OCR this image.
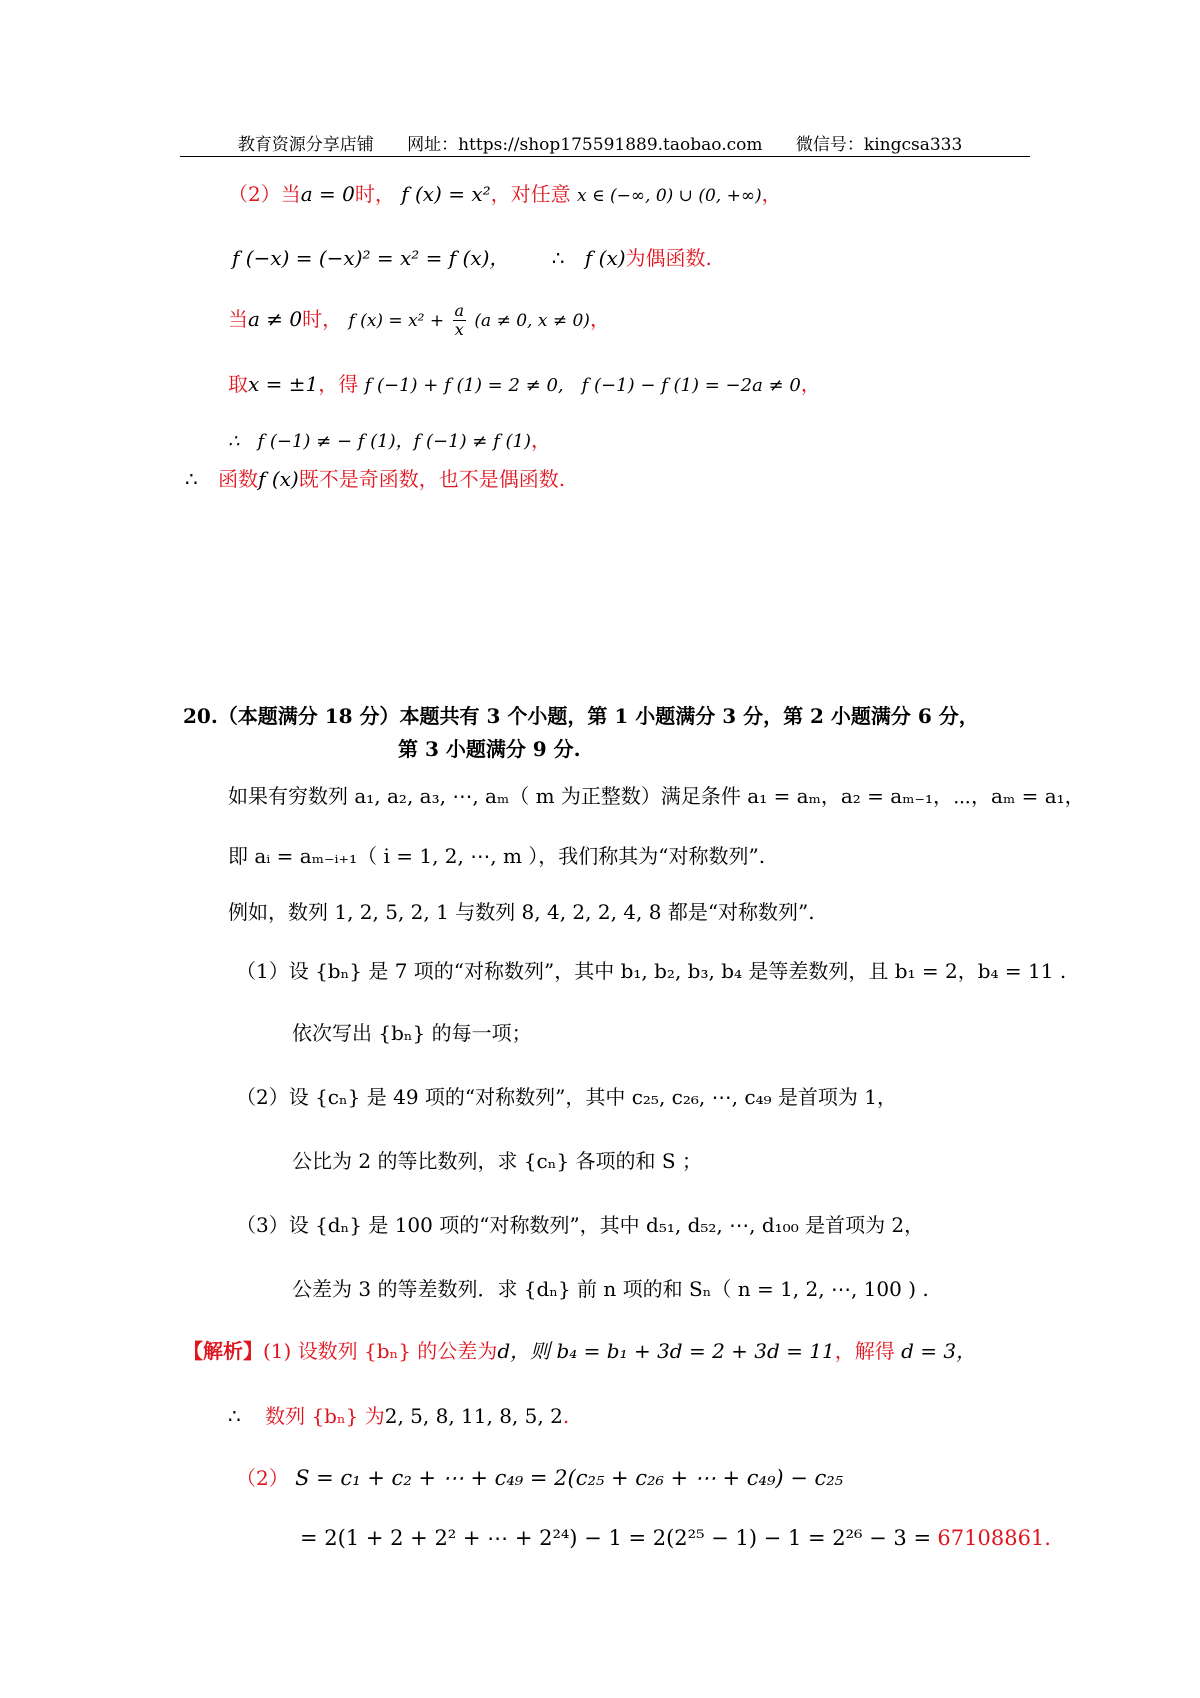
教育资源分享店铺 网址：https://shop175591889.taobao.com 微信号：kingcsa333
（2）当a = 0时， f (x) = x²，对任意 x ∈ (−∞, 0) ∪ (0, +∞)，
f (−x) = (−x)² = x² = f (x)， ∴ f (x)为偶函数.
当a ≠ 0时， f $(x) = x^2 + \frac{a}{x} (a \ne 0$, x ≠ 0)，
取x = ±1，得 f (−1) + f (1) = 2 ≠ 0,　f (−1) − f (1) = −2a ≠ 0，
∴　f (−1) ≠ − f (1)，f (−1) ≠ f (1)，
∴ 函数f (x)既不是奇函数，也不是偶函数.
20.（本题满分 18 分）本题共有 3 个小题，第 1 小题满分 3 分，第 2 小题满分 6 分，
第 3 小题满分 9 分.
如果有穷数列 a₁, a₂, a₃, ⋯, aₘ（ m 为正整数）满足条件 a₁ = aₘ，a₂ = aₘ₋₁，⋯，aₘ = a₁，
即 aᵢ = aₘ₋ᵢ₊₁（ i = 1, 2, ⋯, m ），我们称其为“对称数列”.
例如，数列 1, 2, 5, 2, 1 与数列 8, 4, 2, 2, 4, 8 都是“对称数列”.
（1）设 {bₙ} 是 7 项的“对称数列”，其中 b₁, b₂, b₃, b₄ 是等差数列，且 b₁ = 2，b₄ = 11 .
依次写出 {bₙ} 的每一项；
（2）设 {cₙ} 是 49 项的“对称数列”，其中 c₂₅, c₂₆, ⋯, c₄₉ 是首项为 1，
公比为 2 的等比数列，求 {cₙ} 各项的和 S ；
（3）设 {dₙ} 是 100 项的“对称数列”，其中 d₅₁, d₅₂, ⋯, d₁₀₀ 是首项为 2，
公差为 3 的等差数列．求 {dₙ} 前 n 项的和 Sₙ（ n = 1, 2, ⋯, 100 ) .
【解析】(1) 设数列 {bₙ} 的公差为d，则 b₄ = b₁ + 3d = 2 + 3d = 11，解得 d = 3，
∴ 数列 {bₙ} 为2, 5, 8, 11, 8, 5, 2.
（2） S = c₁ + c₂ + ⋯ + c₄₉ = 2(c₂₅ + c₂₆ + ⋯ + c₄₉) − c₂₅
= 2(1 + 2 + 2² + ⋯ + 2²⁴) − 1 = 2(2²⁵ − 1) − 1 = 2²⁶ − 3 = 67108861.
